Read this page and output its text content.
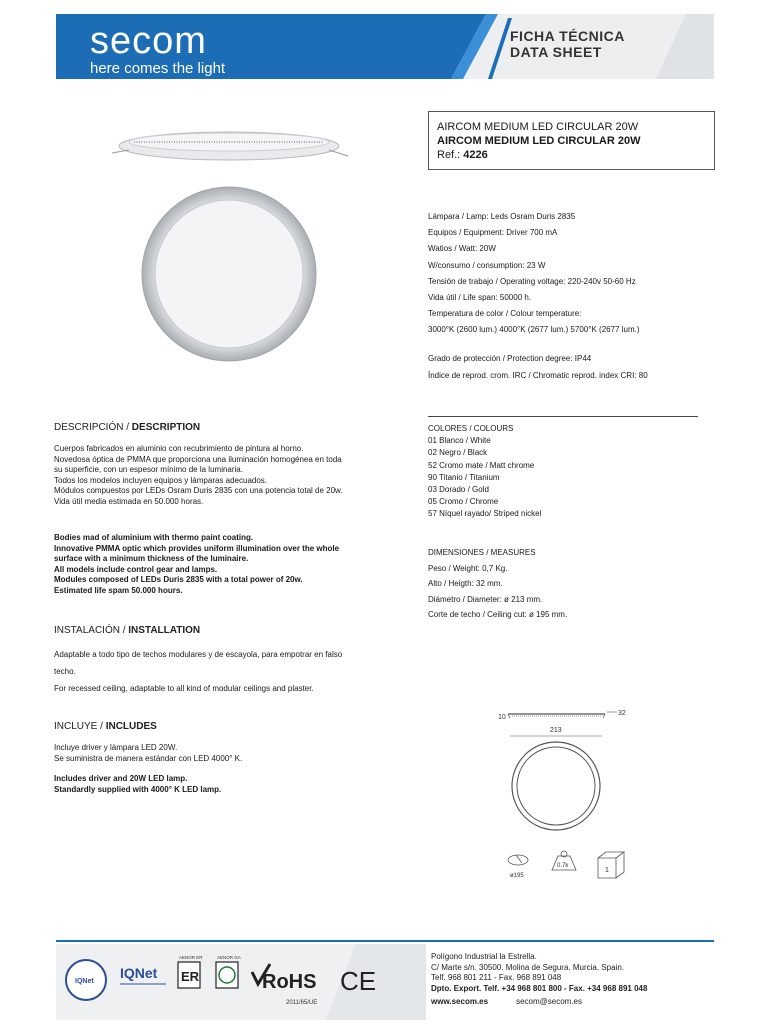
secom
here comes the light
FICHA TÉCNICA
DATA SHEET
AIRCOM MEDIUM LED CIRCULAR 20W
AIRCOM MEDIUM LED CIRCULAR 20W
Ref.: 4226
Lámpara / Lamp: Leds Osram Duris 2835
Equipos / Equipment: Driver 700 mA
Watios / Watt: 20W
W/consumo / consumption: 23 W
Tensión de trabajo / Operating voltage: 220-240v 50-60 Hz
Vida útil / Life span: 50000 h.
Temperatura de color / Colour temperature:
3000°K (2600 lum.) 4000°K (2677 lum.) 5700°K (2677 lum.)
Grado de protección / Protection degree: IP44
Índice de reprod. crom. IRC / Chromatic reprod. index CRI: 80
COLORES / COLOURS
01 Blanco / White
02 Negro / Black
52 Cromo mate / Matt chrome
90 Titanio / Titanium
03 Dorado / Gold
05 Cromo / Chrome
57 Níquel rayado/ Striped nickel
DIMENSIONES / MEASURES
Peso / Weight: 0,7 Kg.
Alto / Heigth: 32 mm.
Diámetro / Diameter: ø 213 mm.
Corte de techo / Ceiling cut: ø 195 mm.
10
32
213
ø195
0.7k
1
DESCRIPCIÓN / DESCRIPTION
Cuerpos fabricados en aluminio con recubrimiento de pintura al horno.
Novedosa óptica de PMMA que proporciona una iluminación homogénea en toda
su superficie, con un espesor mínimo de la luminaria.
Todos los modelos incluyen equipos y lámparas adecuados.
Módulos compuestos por LEDs Osram Duris 2835 con una potencia total de 20w.
Vida útil media estimada en 50.000 horas.
Bodies mad of aluminium with thermo paint coating.
Innovative PMMA optic which provides uniform illumination over the whole
surface with a minimum thickness of the luminaire.
All models include control gear and lamps.
Modules composed of LEDs Duris 2835 with a total power of 20w.
Estimated life spam 50.000 hours.
INSTALACIÓN / INSTALLATION
Adaptable a todo tipo de techos modulares y de escayola, para empotrar en falso
techo.
For recessed ceiling, adaptable to all kind of modular ceilings and plaster.
INCLUYE / INCLUDES
Incluye driver y lámpara LED 20W.
Se suministra de manera estándar con LED 4000° K.
Includes driver and 20W LED lamp.
Standardly supplied with 4000° K LED lamp.
IQNet
IQNet ER
AENOR ER	AENOR GA
RoHS
2011/65/UE
CE
Polígono Industrial la Estrella.
C/ Marte s/n. 30500. Molina de Segura. Murcia. Spain.
Telf. 968 801 211 - Fax. 968 891 048
Dpto. Export. Telf. +34 968 801 800 - Fax. +34 968 891 048
www.secom.es	secom@secom.es
